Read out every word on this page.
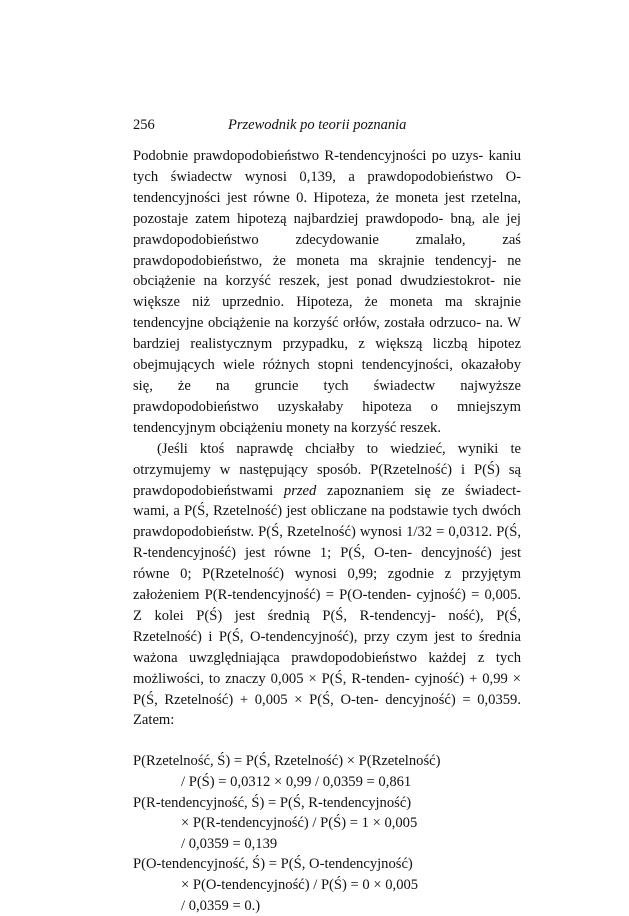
256	Przewodnik po teorii poznania

Podobnie prawdopodobieństwo R-tendencyjności po uzys- kaniu tych świadectw wynosi 0,139, a prawdopodobieństwo O-tendencyjności jest równe 0. Hipoteza, że moneta jest rzetelna, pozostaje zatem hipotezą najbardziej prawdopodo- bną, ale jej prawdopodobieństwo zdecydowanie zmalało,	zaś prawdopodobieństwo, że moneta ma skrajnie tendencyj- ne obciążenie na korzyść reszek, jest ponad dwudziestokrot- nie większe niż uprzednio. Hipoteza, że moneta ma skrajnie tendencyjne obciążenie na korzyść orłów, została odrzuco- na. W bardziej realistycznym przypadku, z większą liczbą hipotez obejmujących wiele różnych stopni tendencyjności, okazałoby się, że na gruncie tych świadectw najwyższe prawdopodobieństwo uzyskałaby hipoteza o mniejszym tendencyjnym obciążeniu monety na korzyść reszek.

(Jeśli ktoś naprawdę chciałby to wiedzieć, wyniki te otrzymujemy w następujący sposób. P(Rzetelność) i P(Ś) są prawdopodobieństwami przed zapoznaniem się ze świadect- wami, a P(Ś, Rzetelność) jest obliczane na podstawie tych dwóch prawdopodobieństw. P(Ś, Rzetelność) wynosi 1/32 = 0,0312. P(Ś, R-tendencyjność) jest równe 1; P(Ś, O-ten- dencyjność) jest równe 0; P(Rzetelność) wynosi 0,99; zgodnie z przyjętym założeniem P(R-tendencyjność) = P(O-tenden- cyjność) = 0,005. Z kolei P(Ś) jest średnią P(Ś, R-tendencyj- ność), P(Ś, Rzetelność) i P(Ś, O-tendencyjność), przy czym jest to średnia ważona uwzględniająca prawdopodobieństwo każdej z tych możliwości, to znaczy 0,005 × P(Ś, R-tenden- cyjność) + 0,99 × P(Ś, Rzetelność) + 0,005 × P(Ś, O-ten- dencyjność) = 0,0359. Zatem:

P(Rzetelność, Ś) = P(Ś, Rzetelność) × P(Rzetelność)
/ P(Ś) = 0,0312 × 0,99 / 0,0359 = 0,861
P(R-tendencyjność, Ś) = P(Ś, R-tendencyjność)
× P(R-tendencyjność) / P(Ś) = 1 × 0,005
/ 0,0359 = 0,139
P(O-tendencyjność, Ś) = P(Ś, O-tendencyjność)
× P(O-tendencyjność) / P(Ś) = 0 × 0,005
/ 0,0359 = 0.)
